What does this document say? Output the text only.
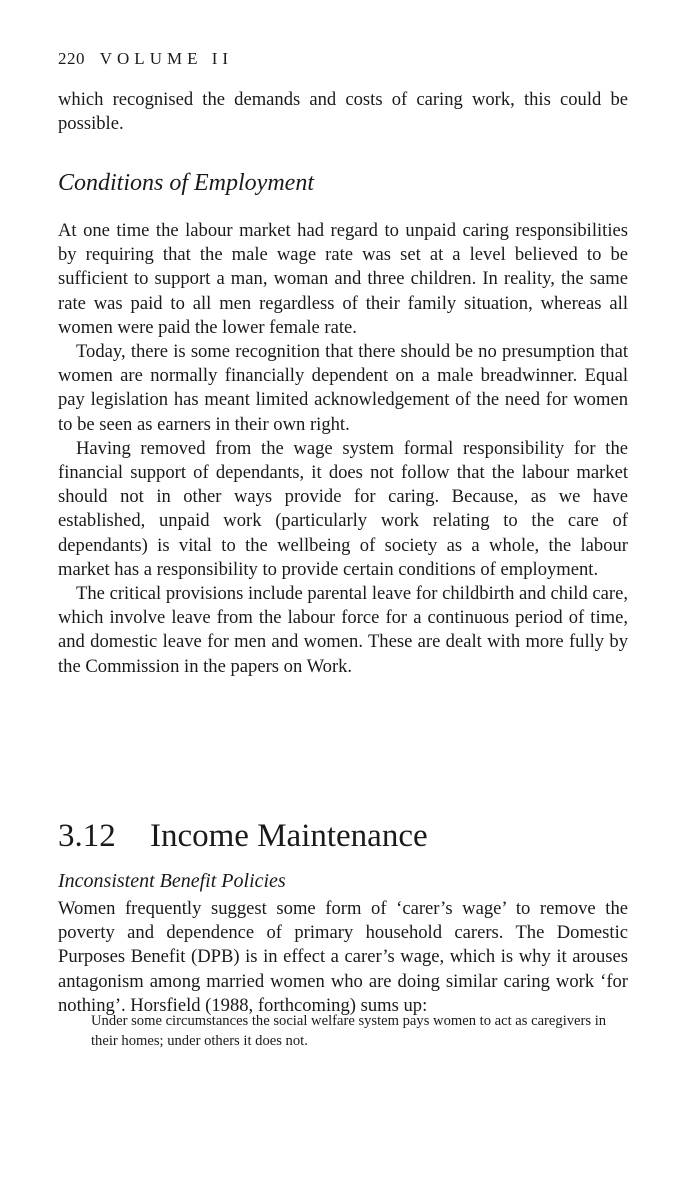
220 VOLUME II

which recognised the demands and costs of caring work, this could be possible.

Conditions of Employment

At one time the labour market had regard to unpaid caring responsibilities by requiring that the male wage rate was set at a level believed to be sufficient to support a man, woman and three children. In reality, the same rate was paid to all men regardless of their family situation, whereas all women were paid the lower female rate.

Today, there is some recognition that there should be no presumption that women are normally financially dependent on a male breadwinner. Equal pay legislation has meant limited acknowledgement of the need for women to be seen as earners in their own right.

Having removed from the wage system formal responsibility for the financial support of dependants, it does not follow that the labour market should not in other ways provide for caring. Because, as we have established, unpaid work (particularly work relating to the care of dependants) is vital to the wellbeing of society as a whole, the labour market has a responsibility to provide certain conditions of employment.

The critical provisions include parental leave for childbirth and child care, which involve leave from the labour force for a continuous period of time, and domestic leave for men and women. These are dealt with more fully by the Commission in the papers on Work.

3.12 Income Maintenance
Inconsistent Benefit Policies

Women frequently suggest some form of ‘carer’s wage’ to remove the poverty and dependence of primary household carers. The Domestic Purposes Benefit (DPB) is in effect a carer’s wage, which is why it arouses antagonism among married women who are doing similar caring work ‘for nothing’. Horsfield (1988, forthcoming) sums up:

Under some circumstances the social welfare system pays women to act as caregivers in their homes; under others it does not.
